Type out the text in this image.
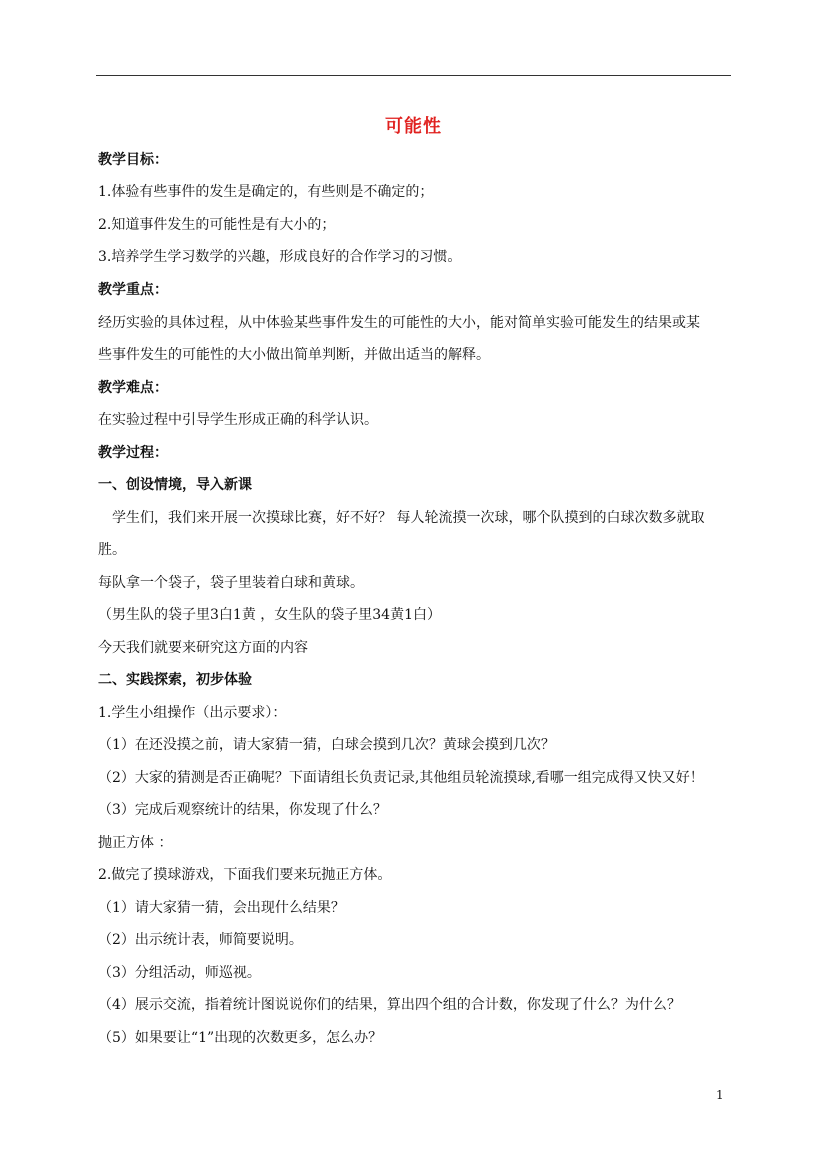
可能性
教学目标：
1.体验有些事件的发生是确定的，有些则是不确定的；
2.知道事件发生的可能性是有大小的；
3.培养学生学习数学的兴趣，形成良好的合作学习的习惯。
教学重点：
经历实验的具体过程，从中体验某些事件发生的可能性的大小，能对简单实验可能发生的结果或某
些事件发生的可能性的大小做出简单判断，并做出适当的解释。
教学难点：
在实验过程中引导学生形成正确的科学认识。
教学过程：
一、创设情境，导入新课
　学生们，我们来开展一次摸球比赛，好不好？ 每人轮流摸一次球，哪个队摸到的白球次数多就取
胜。
每队拿一个袋子，袋子里装着白球和黄球。
（男生队的袋子里3白1黄 ，女生队的袋子里34黄1白）
今天我们就要来研究这方面的内容
二、实践探索，初步体验
1.学生小组操作（出示要求）：
（1）在还没摸之前，请大家猜一猜，白球会摸到几次？黄球会摸到几次？
（2）大家的猜测是否正确呢？下面请组长负责记录,其他组员轮流摸球,看哪一组完成得又快又好！
（3）完成后观察统计的结果，你发现了什么？
抛正方体 ：
2.做完了摸球游戏，下面我们要来玩抛正方体。
（1）请大家猜一猜，会出现什么结果？
（2）出示统计表，师简要说明。
（3）分组活动，师巡视。
（4）展示交流，指着统计图说说你们的结果，算出四个组的合计数，你发现了什么？为什么？
（5）如果要让“1”出现的次数更多，怎么办？
1
